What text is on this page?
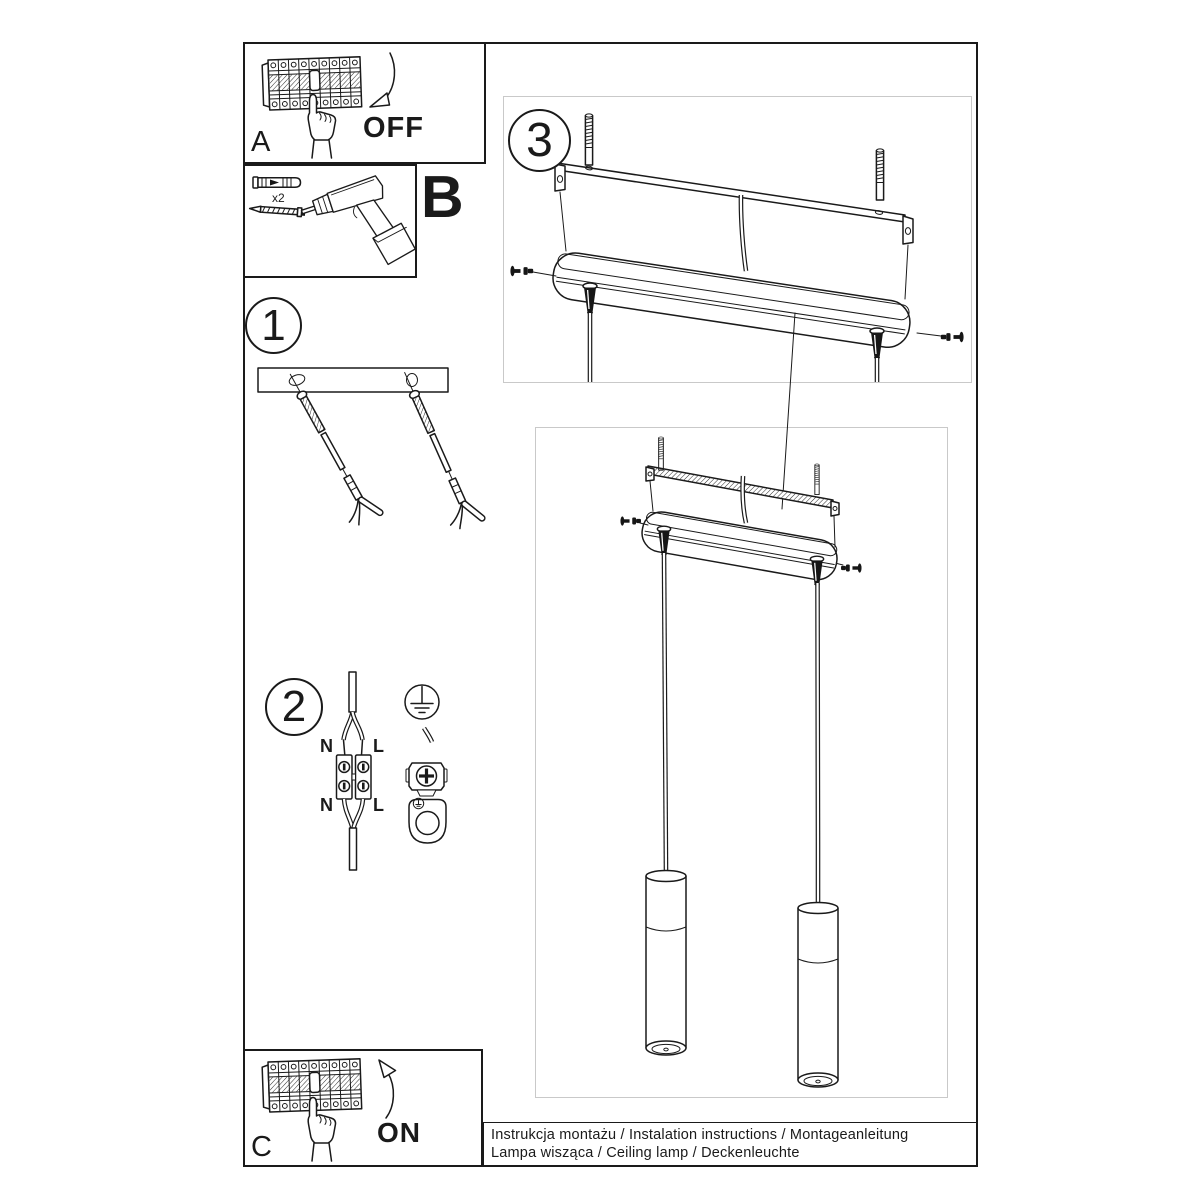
A	OFF
B
x2
1
2
3
N L
N L
C	ON	Instrukcja montażu / Instalation instructions / Montageanleitung
Lampa wisząca / Ceiling lamp / Deckenleuchte
